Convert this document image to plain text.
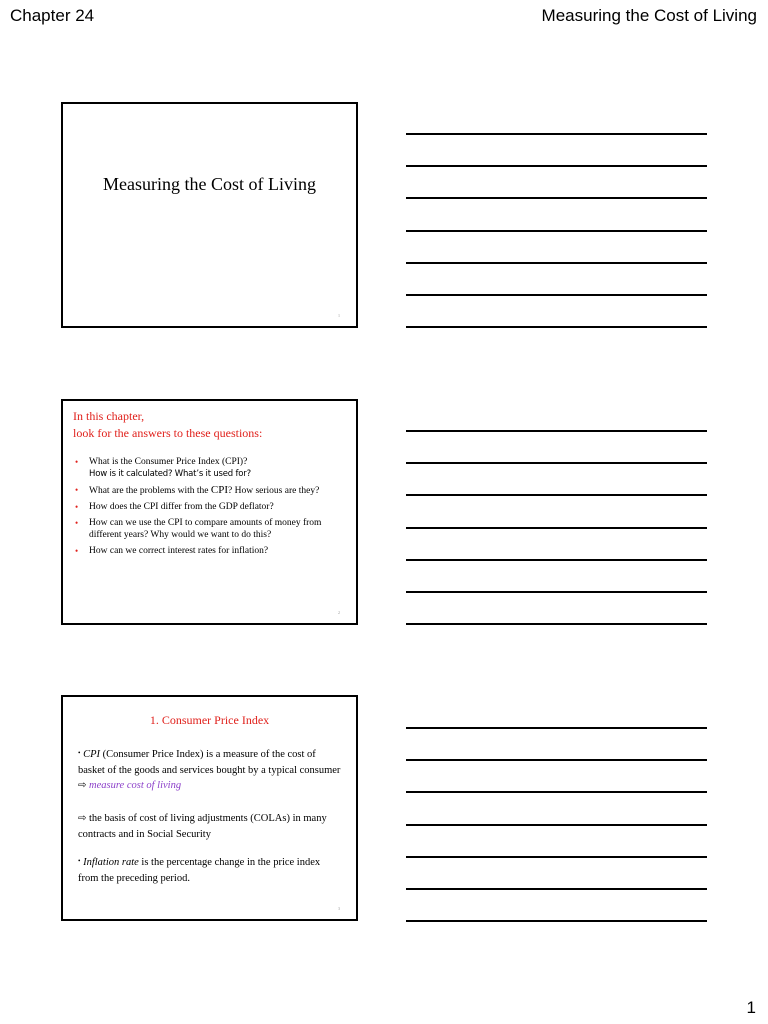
Chapter 24	Measuring the Cost of Living
Measuring the Cost of Living
1
In this chapter,
look for the answers to these questions:
• What is the Consumer Price Index (CPI)?
How is it calculated? What’s it used for?
• What are the problems with the CPI? How serious are they?
• How does the CPI differ from the GDP deflator?
• How can we use the CPI to compare amounts of money from different years? Why would we want to do this?
• How can we correct interest rates for inflation?
2
1. Consumer Price Index
• CPI (Consumer Price Index) is a measure of the cost of basket of the goods and services bought by a typical consumer ⇨ measure cost of living
⇨ the basis of cost of living adjustments (COLAs) in many contracts and in Social Security
• Inflation rate is the percentage change in the price index from the preceding period.
3
1
